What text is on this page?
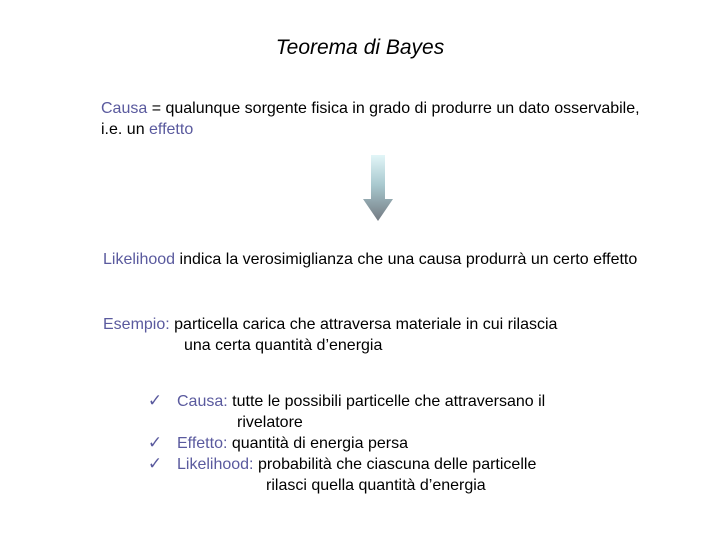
Teorema di Bayes
Causa = qualunque sorgente fisica in grado di produrre un dato osservabile, i.e. un effetto
Likelihood indica la verosimiglianza che una causa produrrà un certo effetto
Esempio: particella carica che attraversa materiale in cui rilascia
una certa quantità d’energia
✓ Causa: tutte le possibili particelle che attraversano il
rivelatore
✓ Effetto: quantità di energia persa
✓ Likelihood: probabilità che ciascuna delle particelle
rilasci quella quantità d’energia
